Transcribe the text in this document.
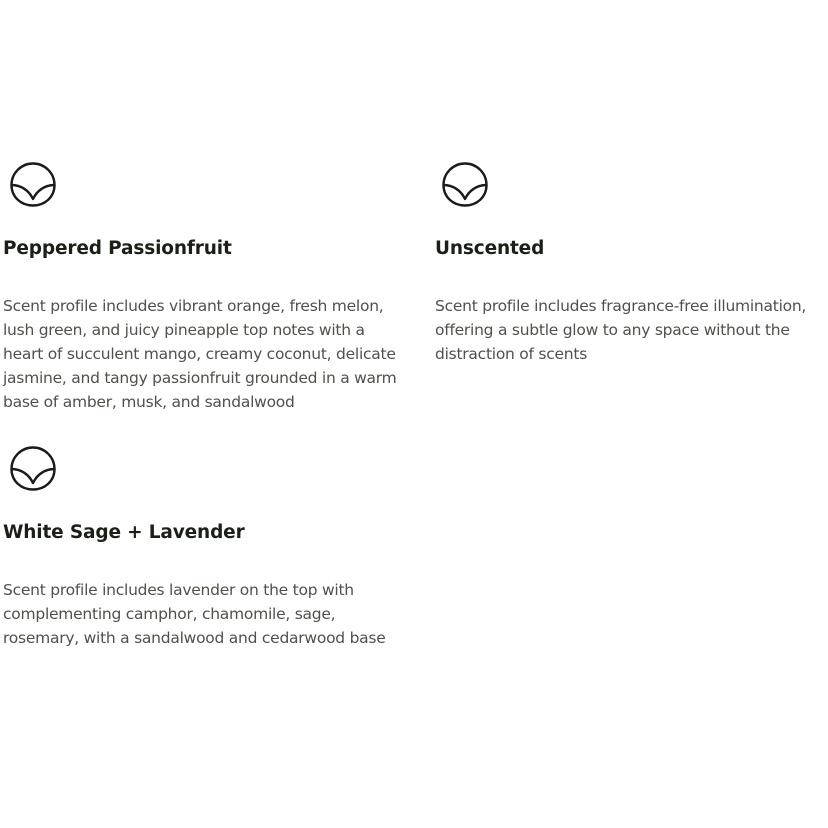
Peppered Passionfruit

Scent profile includes vibrant orange, fresh melon, lush green, and juicy pineapple top notes with a heart of succulent mango, creamy coconut, delicate jasmine, and tangy passionfruit grounded in a warm base of amber, musk, and sandalwood

Unscented

Scent profile includes fragrance-free illumination, offering a subtle glow to any space without the distraction of scents

White Sage + Lavender

Scent profile includes lavender on the top with complementing camphor, chamomile, sage, rosemary, with a sandalwood and cedarwood base
